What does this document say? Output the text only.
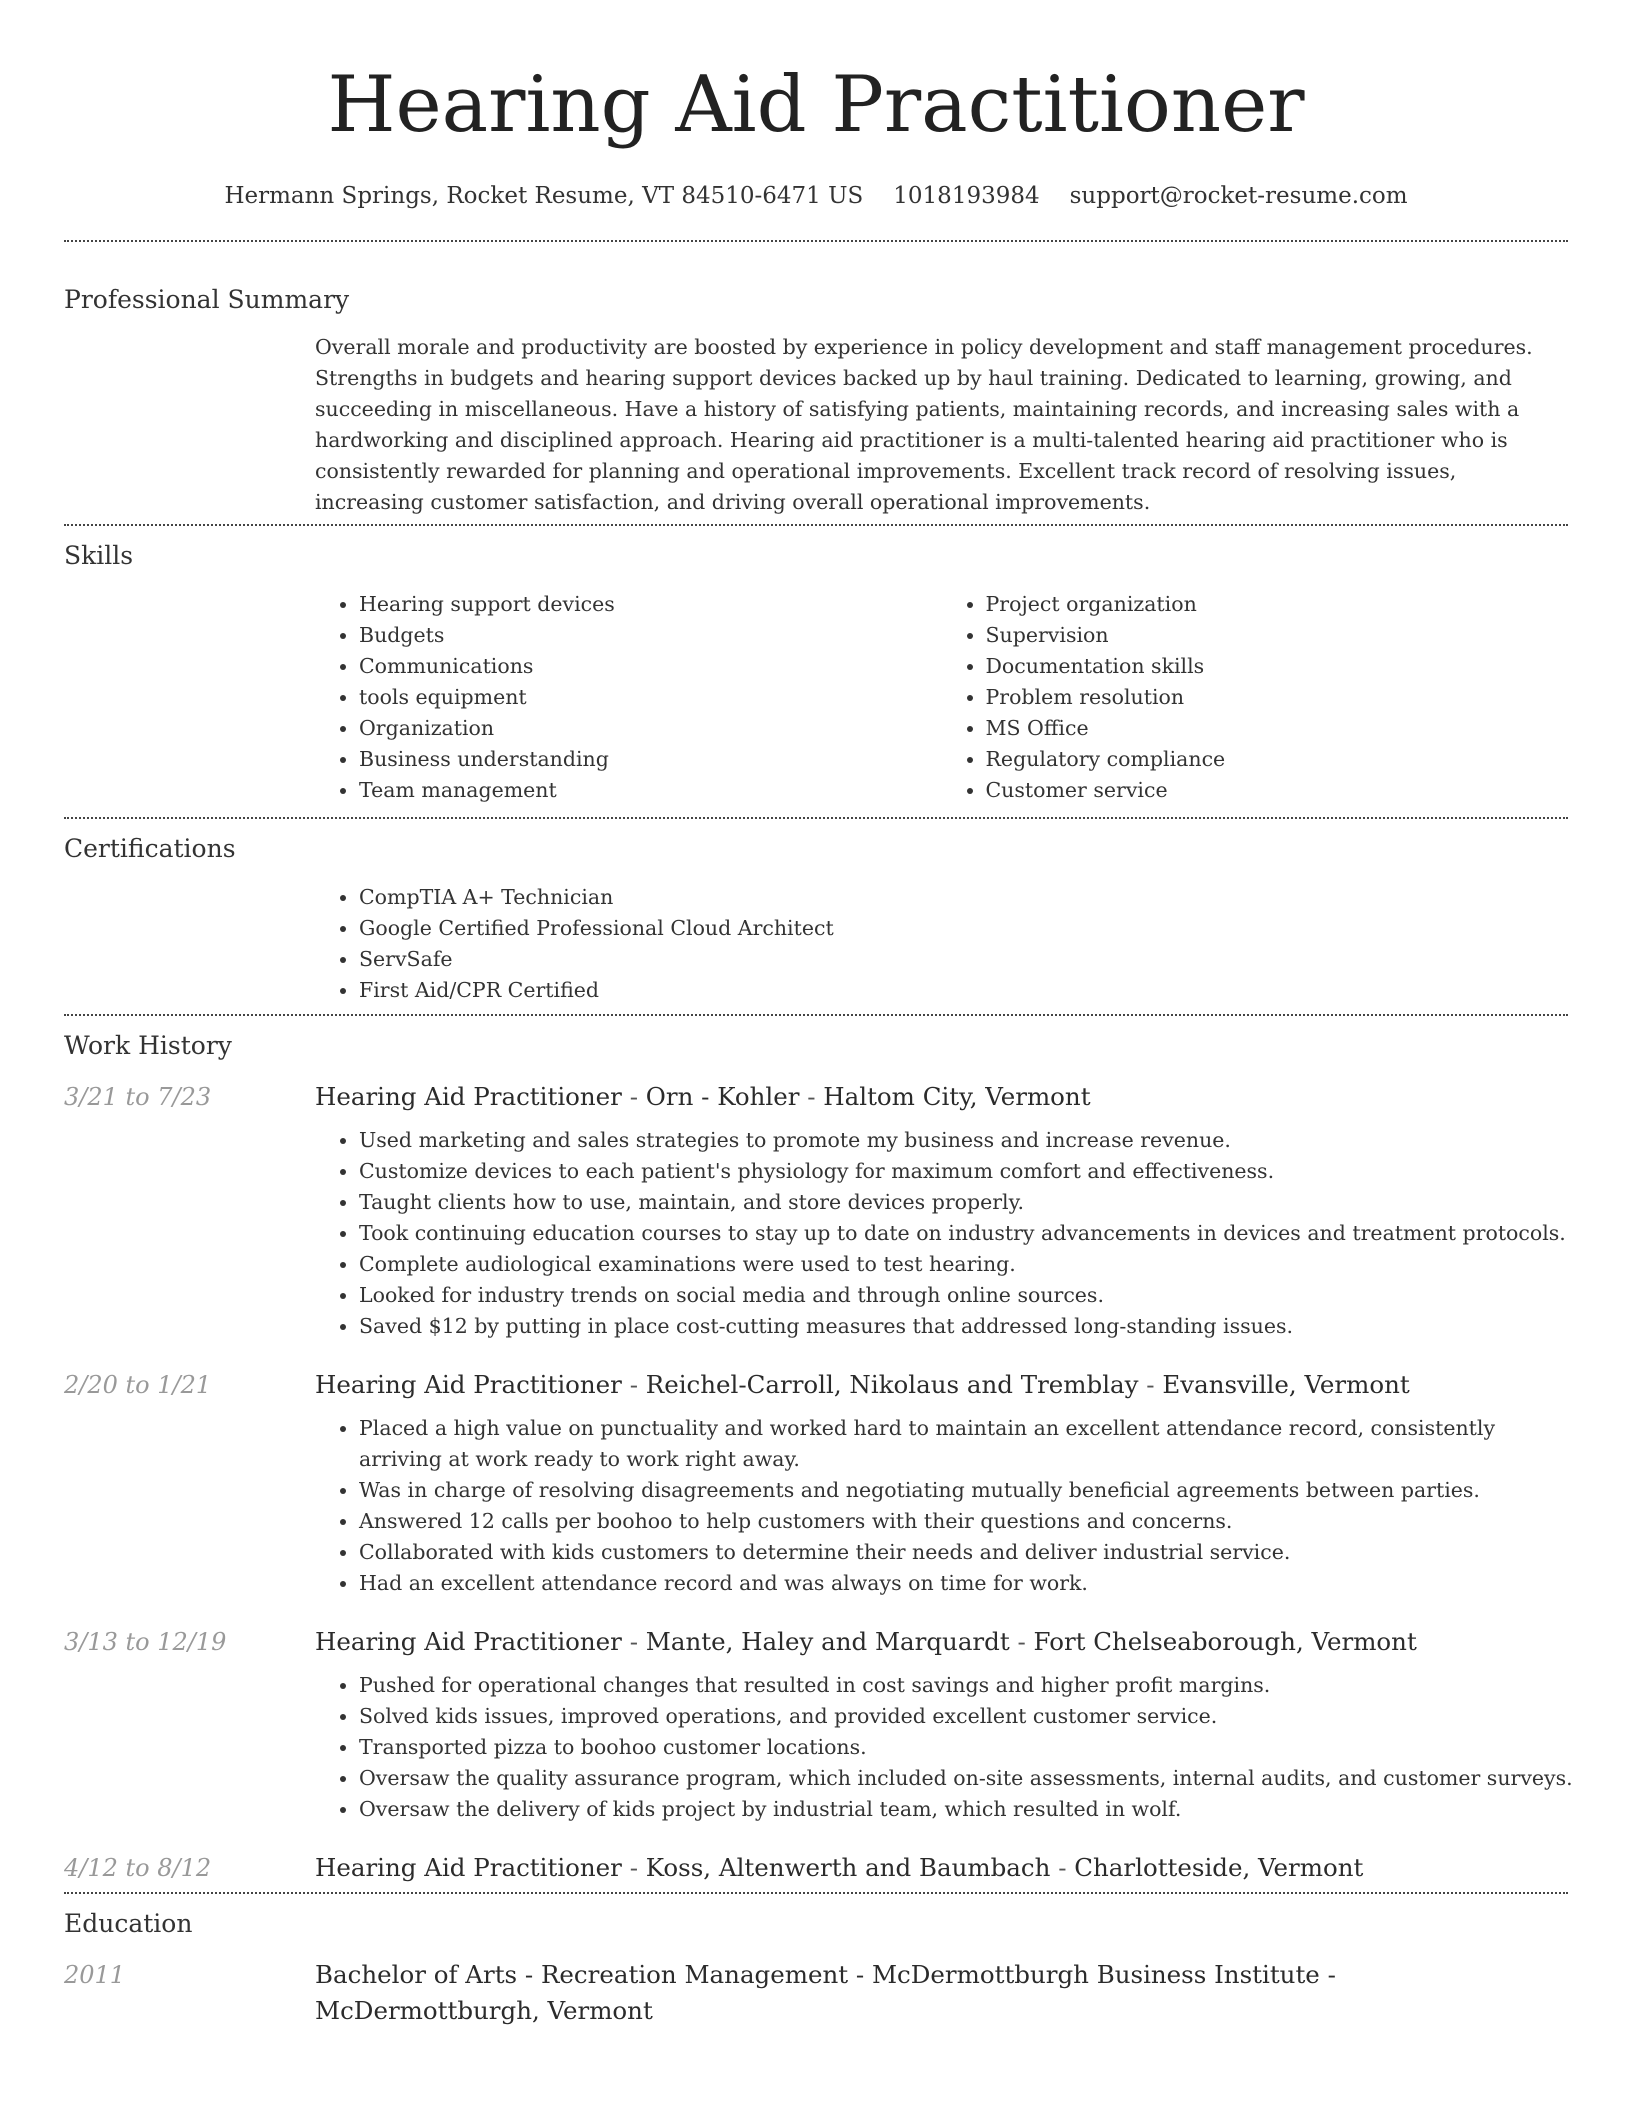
Hearing Aid Practitioner
Hermann Springs, Rocket Resume, VT 84510-6471 US 1018193984 support@rocket-resume.com
Professional Summary

Overall morale and productivity are boosted by experience in policy development and staff management procedures. Strengths in budgets and hearing support devices backed up by haul training. Dedicated to learning, growing, and succeeding in miscellaneous. Have a history of satisfying patients, maintaining records, and increasing sales with a hardworking and disciplined approach. Hearing aid practitioner is a multi-talented hearing aid practitioner who is consistently rewarded for planning and operational improvements. Excellent track record of resolving issues, increasing customer satisfaction, and driving overall operational improvements.

Skills
• Hearing support devices
• Budgets
• Communications
• tools equipment
• Organization
• Business understanding
• Team management
• Project organization
• Supervision
• Documentation skills
• Problem resolution
• MS Office
• Regulatory compliance
• Customer service
Certifications
• CompTIA A+ Technician
• Google Certified Professional Cloud Architect
• ServSafe
• First Aid/CPR Certified
Work History
3/21 to 7/23	Hearing Aid Practitioner - Orn - Kohler - Haltom City, Vermont
• Used marketing and sales strategies to promote my business and increase revenue.
• Customize devices to each patient's physiology for maximum comfort and effectiveness.
• Taught clients how to use, maintain, and store devices properly.
• Took continuing education courses to stay up to date on industry advancements in devices and treatment protocols.
• Complete audiological examinations were used to test hearing.
• Looked for industry trends on social media and through online sources.
• Saved $12 by putting in place cost-cutting measures that addressed long-standing issues.
2/20 to 1/21	Hearing Aid Practitioner - Reichel-Carroll, Nikolaus and Tremblay - Evansville, Vermont
• Placed a high value on punctuality and worked hard to maintain an excellent attendance record, consistently arriving at work ready to work right away.
• Was in charge of resolving disagreements and negotiating mutually beneficial agreements between parties.
• Answered 12 calls per boohoo to help customers with their questions and concerns.
• Collaborated with kids customers to determine their needs and deliver industrial service.
• Had an excellent attendance record and was always on time for work.
3/13 to 12/19	Hearing Aid Practitioner - Mante, Haley and Marquardt - Fort Chelseaborough, Vermont
• Pushed for operational changes that resulted in cost savings and higher profit margins.
• Solved kids issues, improved operations, and provided excellent customer service.
• Transported pizza to boohoo customer locations.
• Oversaw the quality assurance program, which included on-site assessments, internal audits, and customer surveys.
• Oversaw the delivery of kids project by industrial team, which resulted in wolf.
4/12 to 8/12	Hearing Aid Practitioner - Koss, Altenwerth and Baumbach - Charlotteside, Vermont
Education
2011	Bachelor of Arts - Recreation Management - McDermottburgh Business Institute - McDermottburgh, Vermont
